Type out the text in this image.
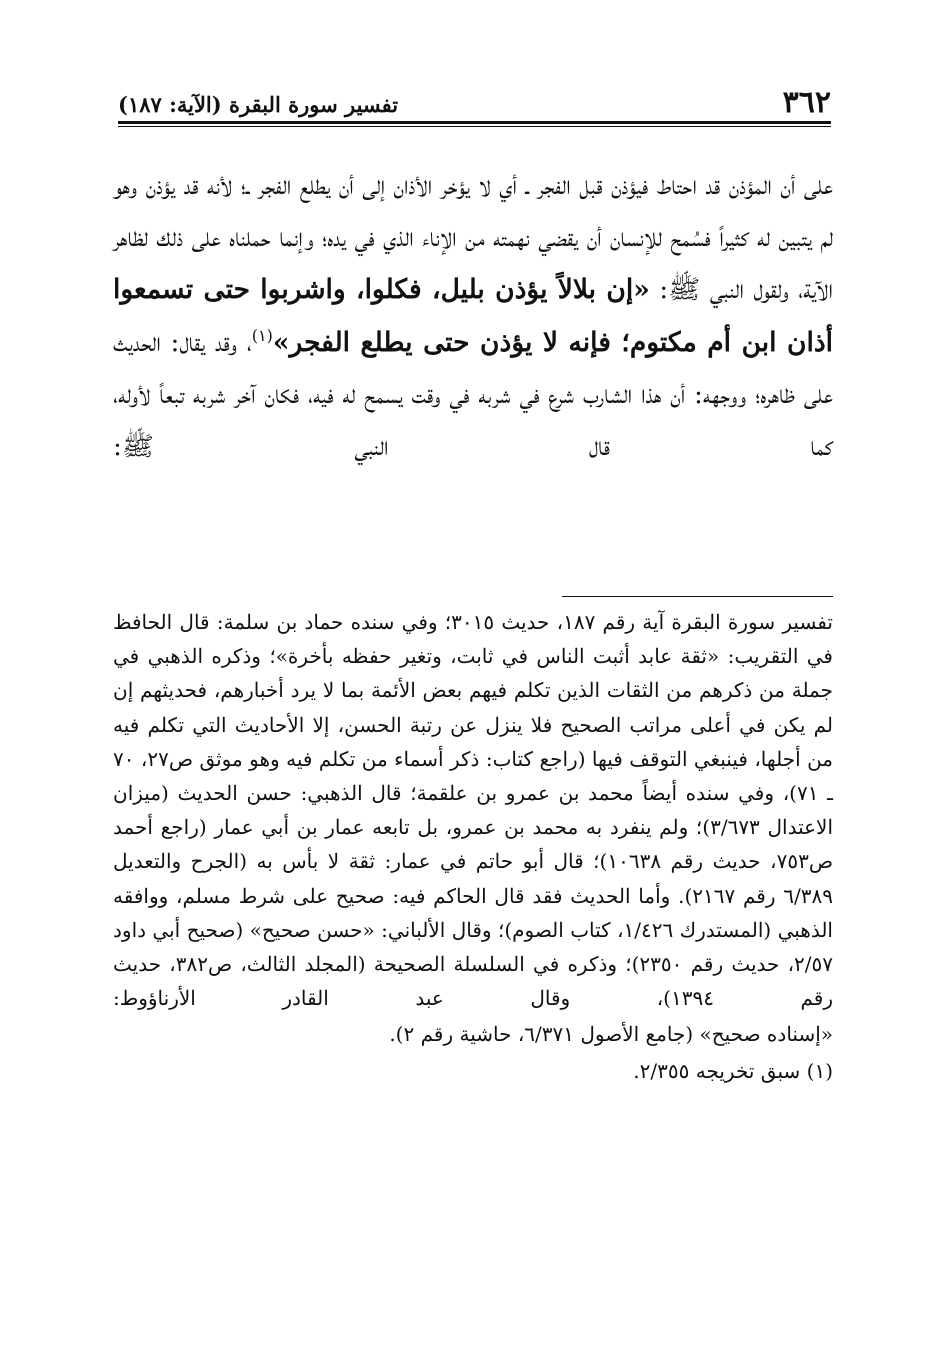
٣٦٢
تفسير سورة البقرة (الآية: ١٨٧)

على أن المؤذن قد احتاط فيؤذن قبل الفجر ـ أي لا يؤخر الأذان إلى أن يطلع الفجر ـ؛ لأنه قد يؤذن وهو لم يتبين له كثيراً فسُمح للإنسان أن يقضي نهمته من الإناء الذي في يده؛ وإنما حملناه على ذلك لظاهر الآية، ولقول النبي ﷺ: «إن بلالاً يؤذن بليل، فكلوا، واشربوا حتى تسمعوا أذان ابن أم مكتوم؛ فإنه لا يؤذن حتى يطلع الفجر»$^{(١)}$، وقد يقال: الحديث على ظاهره؛ ووجهه: أن هذا الشارب شرع في شربه في وقت يسمح له فيه، فكان آخر شربه تبعاً لأوله، كما قال النبي ﷺ:

تفسير سورة البقرة آية رقم ١٨٧، حديث ٣٠١٥؛ وفي سنده حماد بن سلمة: قال الحافظ في التقريب: «ثقة عابد أثبت الناس في ثابت، وتغير حفظه بأخرة»؛ وذكره الذهبي في جملة من ذكرهم من الثقات الذين تكلم فيهم بعض الأئمة بما لا يرد أخبارهم، فحديثهم إن لم يكن في أعلى مراتب الصحيح فلا ينزل عن رتبة الحسن، إلا الأحاديث التي تكلم فيه من أجلها، فينبغي التوقف فيها (راجع كتاب: ذكر أسماء من تكلم فيه وهو موثق ص٢٧، ٧٠ ـ ٧١)، وفي سنده أيضاً محمد بن عمرو بن علقمة؛ قال الذهبي: حسن الحديث (ميزان الاعتدال ٣/٦٧٣)؛ ولم ينفرد به محمد بن عمرو، بل تابعه عمار بن أبي عمار (راجع أحمد ص٧٥٣، حديث رقم ١٠٦٣٨)؛ قال أبو حاتم في عمار: ثقة لا بأس به (الجرح والتعديل ٦/٣٨٩ رقم ٢١٦٧). وأما الحديث فقد قال الحاكم فيه: صحيح على شرط مسلم، ووافقه الذهبي (المستدرك ١/٤٢٦، كتاب الصوم)؛ وقال الألباني: «حسن صحيح» (صحيح أبي داود ٢/٥٧، حديث رقم ٢٣٥٠)؛ وذكره في السلسلة الصحيحة (المجلد الثالث، ص٣٨٢، حديث رقم ١٣٩٤)، وقال عبد القادر الأرناؤوط:

«إسناده صحيح» (جامع الأصول ٦/٣٧١، حاشية رقم ٢).

(١) سبق تخريجه ٢/٣٥٥.
